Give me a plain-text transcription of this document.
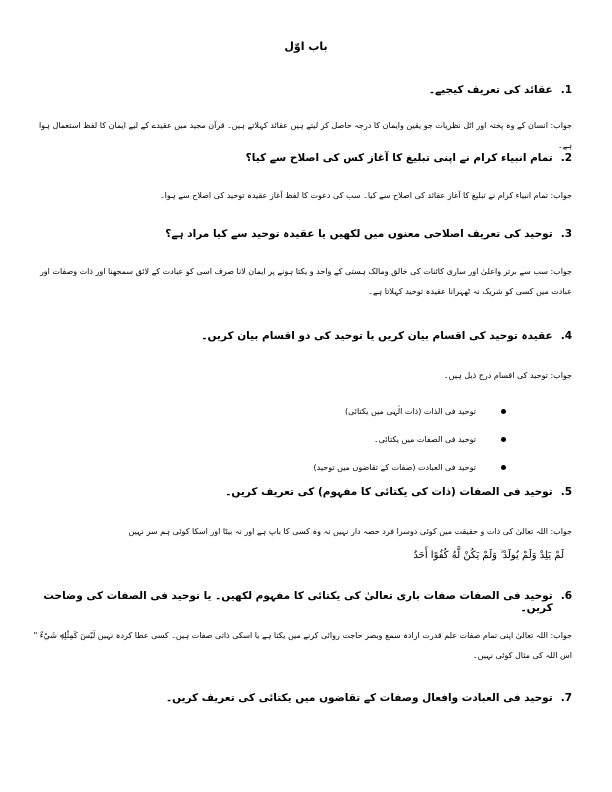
باب اوّل
.1
عقائد کی تعریف کیجیے۔
جواب: انسان کے وہ پختہ اور اٹل نظریات جو یقین وایمان کا درجہ حاصل کر لیتے ہیں عقائد کہلاتے ہیں۔ قرآن مجید میں عقیدے کے لیے ایمان کا لفظ استعمال ہوا ہے۔
.2
تمام انبیاء کرام نے اپنی تبلیغ کا آغاز کس کی اصلاح سے کیا؟
جواب: تمام انبیاء کرام نے تبلیغ کا آغاز عقائد کی اصلاح سے کیا۔ سب کی دعوت کا لفظ آغاز عقیدہ توحید کی اصلاح سے ہوا۔
.3
توحید کی تعریف اصلاحی معنوں میں لکھیں یا عقیدہ توحید سے کیا مراد ہے؟
جواب: سب سے برتر واعلیٰ اور ساری کائنات کی خالق ومالک ہستی کے واحد و یکتا ہونے پر ایمان لانا صرف اسی کو عبادت کے لائق سمجھنا اور ذات وصفات اور عبادت میں کسی کو شریک نہ ٹھہرانا عقیدہ توحید کہلاتا ہے۔
.4
عقیدہ توحید کی اقسام بیان کریں یا توحید کی دو اقسام بیان کریں۔
جواب: توحید کی اقسام درج ذیل ہیں۔
توحید فی الذات (ذات الٰہی میں یکتائی)
توحید فی الصفات میں یکتائی۔
توحید فی العبادت (صفات کے تقاضوں میں توحید)
.5
توحید فی الصفات (ذات کی یکتائی کا مفہوم) کی تعریف کریں۔
جواب: اللہ تعالیٰ کی ذات و حقیقت میں کوئی دوسرا فرد حصہ دار نہیں نہ وہ کسی کا باپ ہے اور نہ بیٹا اور اسکا کوئی ہم سر نہیں
لَمْ يَلِدْ وَلَمْ يُولَدْ ۙ وَلَمْ يَكُنْ لَّهُ كُفُوًا أَحَدٌ
.6
توحید فی الصفات صفات باری تعالیٰ کی یکتائی کا مفہوم لکھیں۔ یا توحید فی الصفات کی وضاحت کریں۔
جواب: اللہ تعالیٰ اپنی تمام صفات علم قدرت ارادہ سمع وبصر حاجت روائی کرنے میں یکتا ہے یا اسکی ذاتی صفات ہیں۔ کسی عطا کردہ نہیں لَيْسَ كَمِثْلِهٖ شَيْءٌ " اس اللہ کی مثال کوئی نہیں۔
.7
توحید فی العبادت وافعال وصفات کے تقاضوں میں یکتائی کی تعریف کریں۔
